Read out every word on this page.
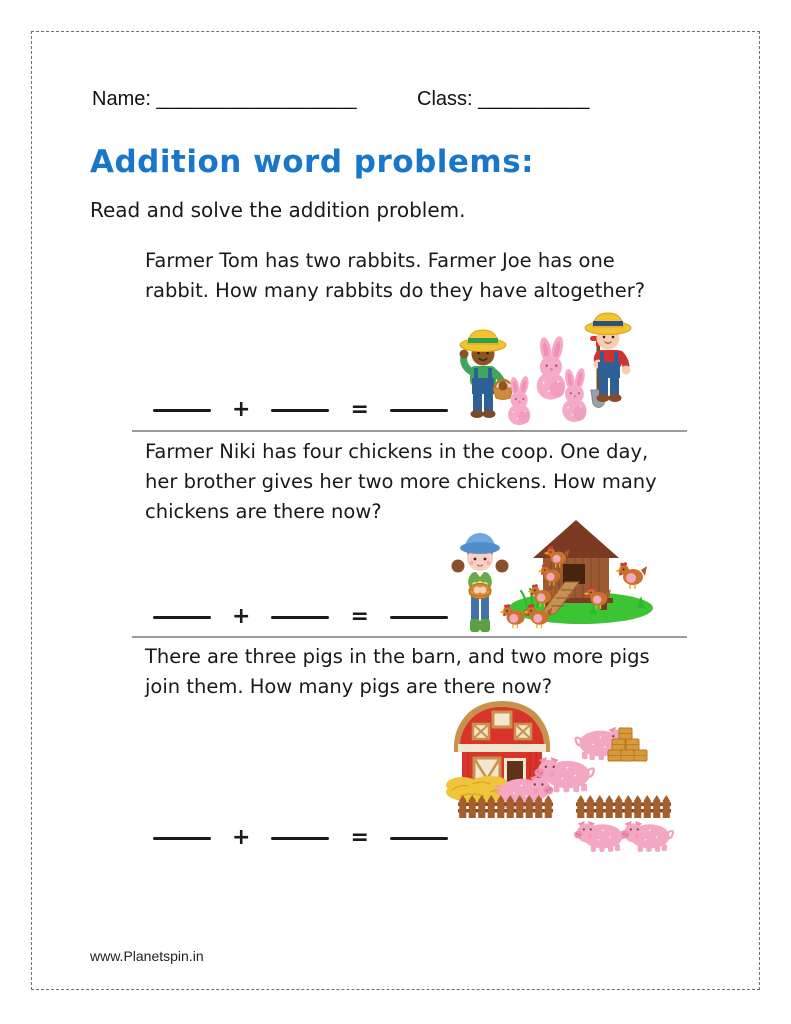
Name: __________________	Class: __________
Addition word problems:
Read and solve the addition problem.
Farmer Tom has two rabbits. Farmer Joe has one
rabbit. How many rabbits do they have altogether?
+	=
Farmer Niki has four chickens in the coop. One day,
her brother gives her two more chickens. How many
chickens are there now?
+	=
There are three pigs in the barn, and two more pigs
join them. How many pigs are there now?
+	=
www.Planetspin.in
